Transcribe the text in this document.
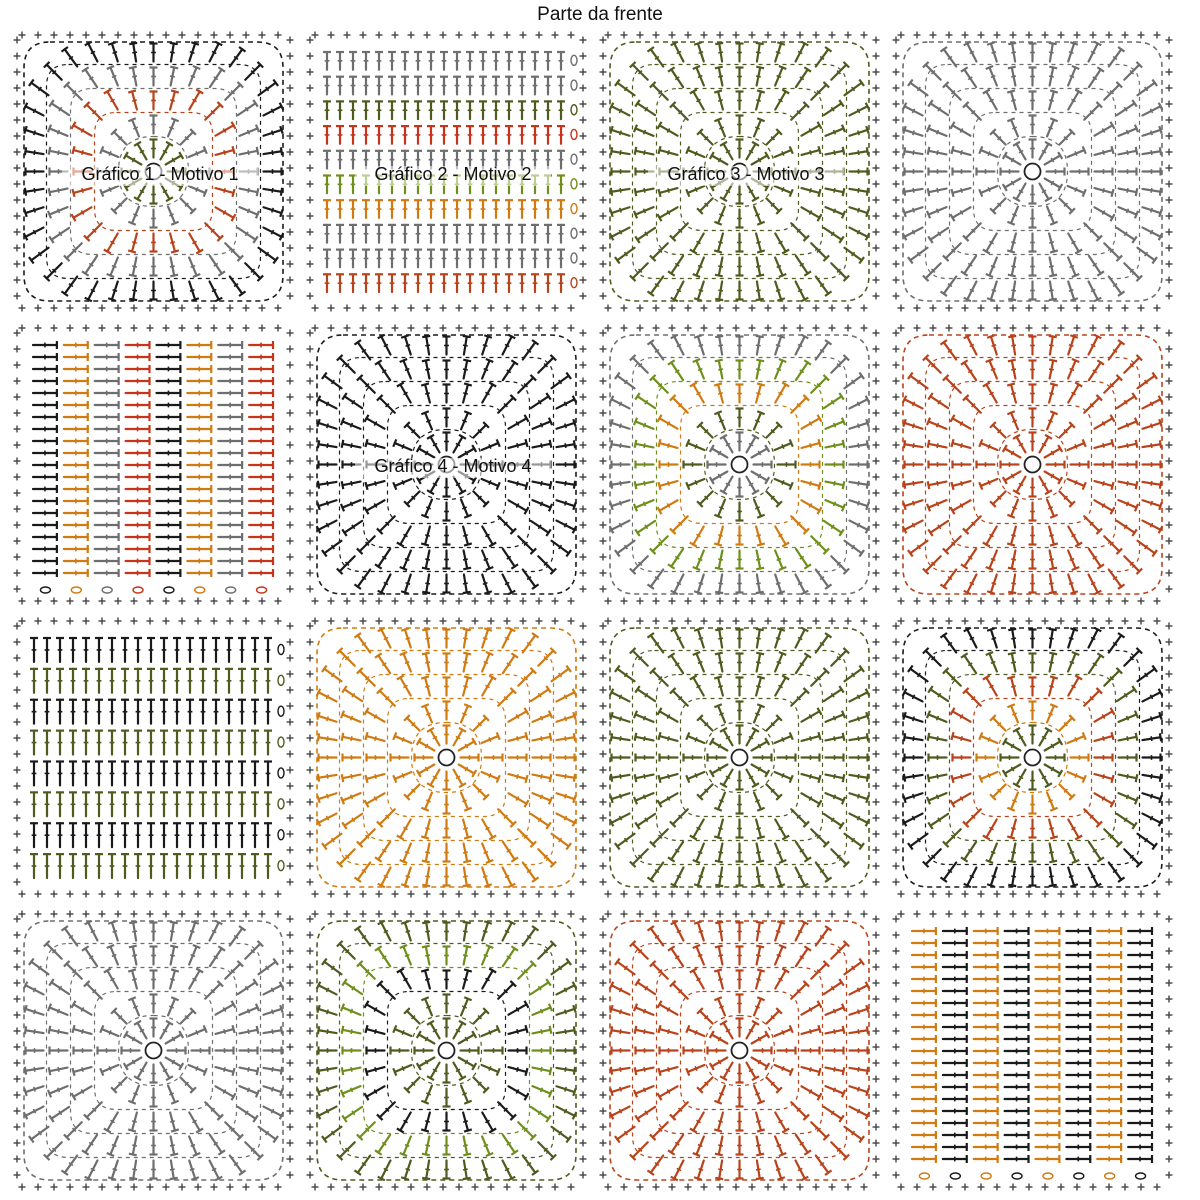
Parte da frente
Gráfico 1 - Motivo 1	Gráfico 2 - Motivo 2	Gráfico 3 - Motivo 3
Gráfico 4 - Motivo 4
